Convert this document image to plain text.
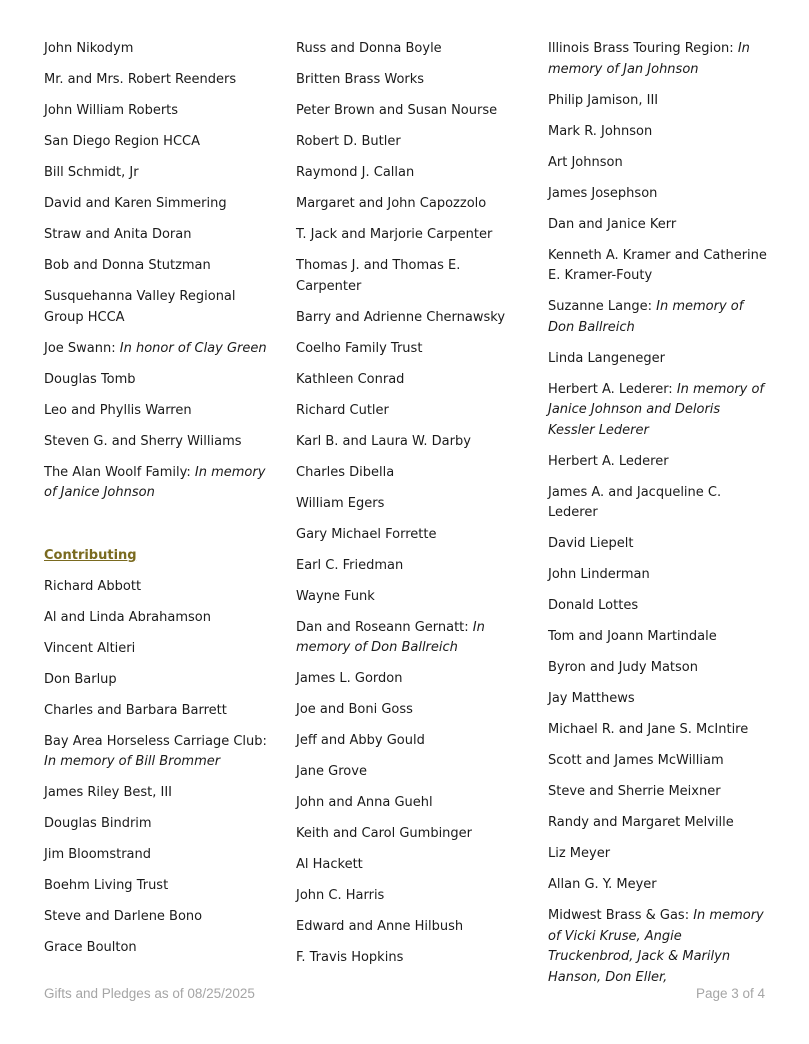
John Nikodym
Mr. and Mrs. Robert Reenders
John William Roberts
San Diego Region HCCA
Bill Schmidt, Jr
David and Karen Simmering
Straw and Anita Doran
Bob and Donna Stutzman
Susquehanna Valley Regional Group HCCA
Joe Swann: In honor of Clay Green
Douglas Tomb
Leo and Phyllis Warren
Steven G. and Sherry Williams
The Alan Woolf Family: In memory of Janice Johnson
Contributing
Richard Abbott
Al and Linda Abrahamson
Vincent Altieri
Don Barlup
Charles and Barbara Barrett
Bay Area Horseless Carriage Club: In memory of Bill Brommer
James Riley Best, III
Douglas Bindrim
Jim Bloomstrand
Boehm Living Trust
Steve and Darlene Bono
Grace Boulton
Russ and Donna Boyle
Britten Brass Works
Peter Brown and Susan Nourse
Robert D. Butler
Raymond J. Callan
Margaret and John Capozzolo
T. Jack and Marjorie Carpenter
Thomas J. and Thomas E. Carpenter
Barry and Adrienne Chernawsky
Coelho Family Trust
Kathleen Conrad
Richard Cutler
Karl B. and Laura W. Darby
Charles Dibella
William Egers
Gary Michael Forrette
Earl C. Friedman
Wayne Funk
Dan and Roseann Gernatt: In memory of Don Ballreich
James L. Gordon
Joe and Boni Goss
Jeff and Abby Gould
Jane Grove
John and Anna Guehl
Keith and Carol Gumbinger
Al Hackett
John C. Harris
Edward and Anne Hilbush
F. Travis Hopkins
Illinois Brass Touring Region: In memory of Jan Johnson
Philip Jamison, III
Mark R. Johnson
Art Johnson
James Josephson
Dan and Janice Kerr
Kenneth A. Kramer and Catherine E. Kramer-Fouty
Suzanne Lange: In memory of Don Ballreich
Linda Langeneger
Herbert A. Lederer: In memory of Janice Johnson and Deloris Kessler Lederer
Herbert A. Lederer
James A. and Jacqueline C. Lederer
David Liepelt
John Linderman
Donald Lottes
Tom and Joann Martindale
Byron and Judy Matson
Jay Matthews
Michael R. and Jane S. McIntire
Scott and James McWilliam
Steve and Sherrie Meixner
Randy and Margaret Melville
Liz Meyer
Allan G. Y. Meyer
Midwest Brass & Gas: In memory of Vicki Kruse, Angie Truckenbrod, Jack & Marilyn Hanson, Don Eller,
Gifts and Pledges as of 08/25/2025	Page 3 of 4
